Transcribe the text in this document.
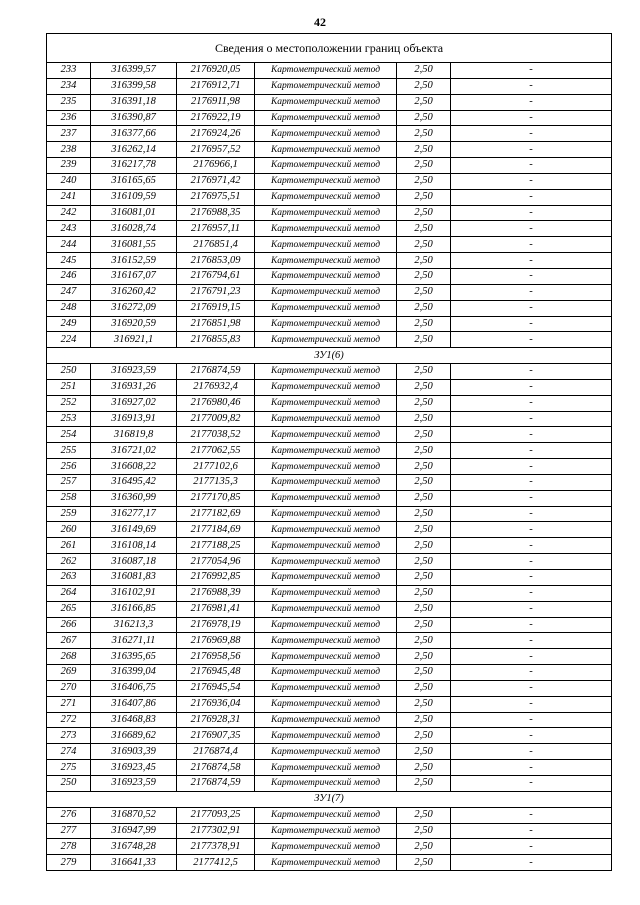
42
Сведения о местоположении границ объекта					
233	316399,57	2176920,05	Картометрический метод	2,50	-
234	316399,58	2176912,71	Картометрический метод	2,50	-
235	316391,18	2176911,98	Картометрический метод	2,50	-
236	316390,87	2176922,19	Картометрический метод	2,50	-
237	316377,66	2176924,26	Картометрический метод	2,50	-
238	316262,14	2176957,52	Картометрический метод	2,50	-
239	316217,78	2176966,1	Картометрический метод	2,50	-
240	316165,65	2176971,42	Картометрический метод	2,50	-
241	316109,59	2176975,51	Картометрический метод	2,50	-
242	316081,01	2176988,35	Картометрический метод	2,50	-
243	316028,74	2176957,11	Картометрический метод	2,50	-
244	316081,55	2176851,4	Картометрический метод	2,50	-
245	316152,59	2176853,09	Картометрический метод	2,50	-
246	316167,07	2176794,61	Картометрический метод	2,50	-
247	316260,42	2176791,23	Картометрический метод	2,50	-
248	316272,09	2176919,15	Картометрический метод	2,50	-
249	316920,59	2176851,98	Картометрический метод	2,50	-
224	316921,1	2176855,83	Картометрический метод	2,50	-
ЗУ1(6)					
250	316923,59	2176874,59	Картометрический метод	2,50	-
251	316931,26	2176932,4	Картометрический метод	2,50	-
252	316927,02	2176980,46	Картометрический метод	2,50	-
253	316913,91	2177009,82	Картометрический метод	2,50	-
254	316819,8	2177038,52	Картометрический метод	2,50	-
255	316721,02	2177062,55	Картометрический метод	2,50	-
256	316608,22	2177102,6	Картометрический метод	2,50	-
257	316495,42	2177135,3	Картометрический метод	2,50	-
258	316360,99	2177170,85	Картометрический метод	2,50	-
259	316277,17	2177182,69	Картометрический метод	2,50	-
260	316149,69	2177184,69	Картометрический метод	2,50	-
261	316108,14	2177188,25	Картометрический метод	2,50	-
262	316087,18	2177054,96	Картометрический метод	2,50	-
263	316081,83	2176992,85	Картометрический метод	2,50	-
264	316102,91	2176988,39	Картометрический метод	2,50	-
265	316166,85	2176981,41	Картометрический метод	2,50	-
266	316213,3	2176978,19	Картометрический метод	2,50	-
267	316271,11	2176969,88	Картометрический метод	2,50	-
268	316395,65	2176958,56	Картометрический метод	2,50	-
269	316399,04	2176945,48	Картометрический метод	2,50	-
270	316406,75	2176945,54	Картометрический метод	2,50	-
271	316407,86	2176936,04	Картометрический метод	2,50	-
272	316468,83	2176928,31	Картометрический метод	2,50	-
273	316689,62	2176907,35	Картометрический метод	2,50	-
274	316903,39	2176874,4	Картометрический метод	2,50	-
275	316923,45	2176874,58	Картометрический метод	2,50	-
250	316923,59	2176874,59	Картометрический метод	2,50	-
ЗУ1(7)					
276	316870,52	2177093,25	Картометрический метод	2,50	-
277	316947,99	2177302,91	Картометрический метод	2,50	-
278	316748,28	2177378,91	Картометрический метод	2,50	-
279	316641,33	2177412,5	Картометрический метод	2,50	-
